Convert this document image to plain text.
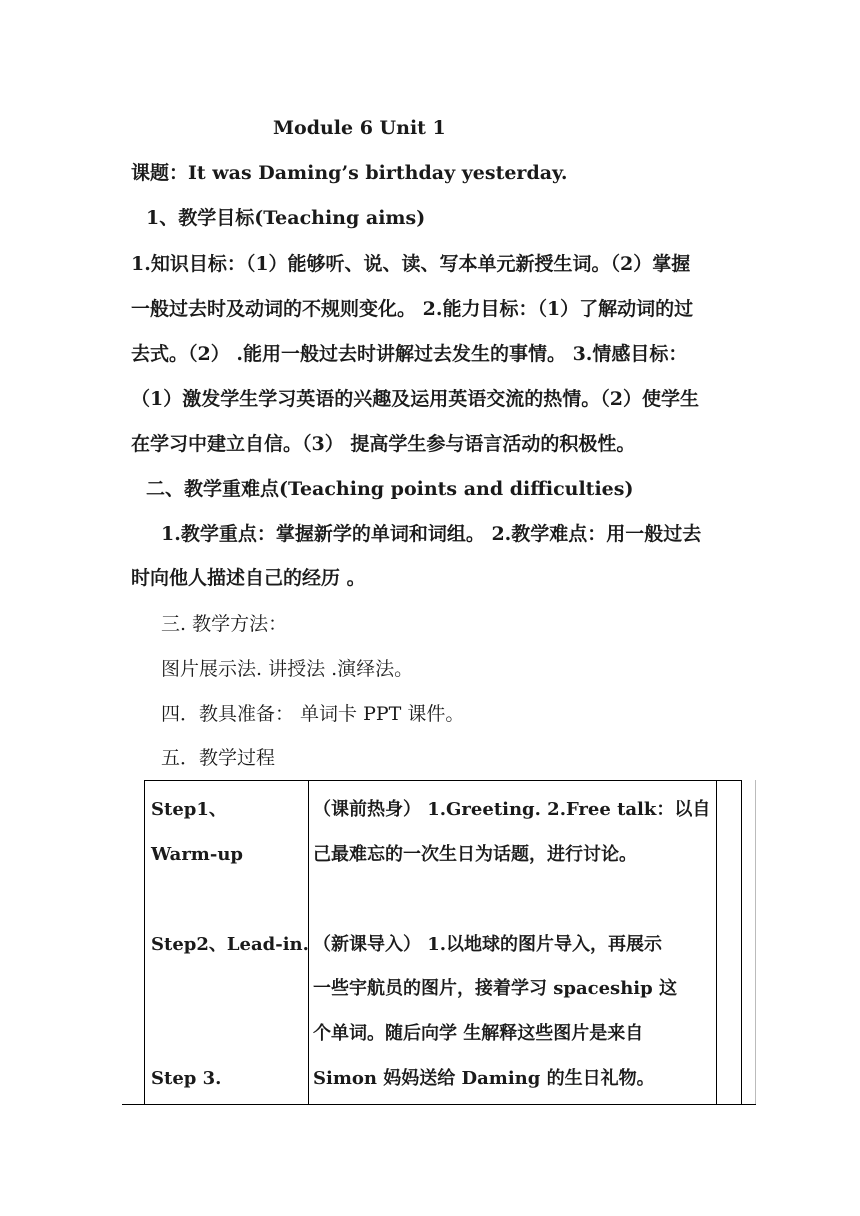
Module 6 Unit 1
课题：It was Daming’s birthday yesterday.
1、教学目标(Teaching aims)
1.知识目标：（1）能够听、说、读、写本单元新授生词。（2）掌握
一般过去时及动词的不规则变化。 2.能力目标：（1）了解动词的过
去式。（2） .能用一般过去时讲解过去发生的事情。 3.情感目标：
（1）激发学生学习英语的兴趣及运用英语交流的热情。（2）使学生
在学习中建立自信。（3） 提高学生参与语言活动的积极性。
二、教学重难点(Teaching points and difficulties)
1.教学重点：掌握新学的单词和词组。 2.教学难点：用一般过去
时向他人描述自己的经历 。
三. 教学方法：
图片展示法. 讲授法 .演绎法。
四．教具准备： 单词卡 PPT 课件。
五．教学过程
Step1、
Warm-up
Step2、Lead-in.
Step 3.
（课前热身） 1.Greeting. 2.Free talk：以自
己最难忘的一次生日为话题，进行讨论。
（新课导入） 1.以地球的图片导入，再展示
一些宇航员的图片，接着学习 spaceship 这
个单词。随后向学 生解释这些图片是来自
Simon 妈妈送给 Daming 的生日礼物。
